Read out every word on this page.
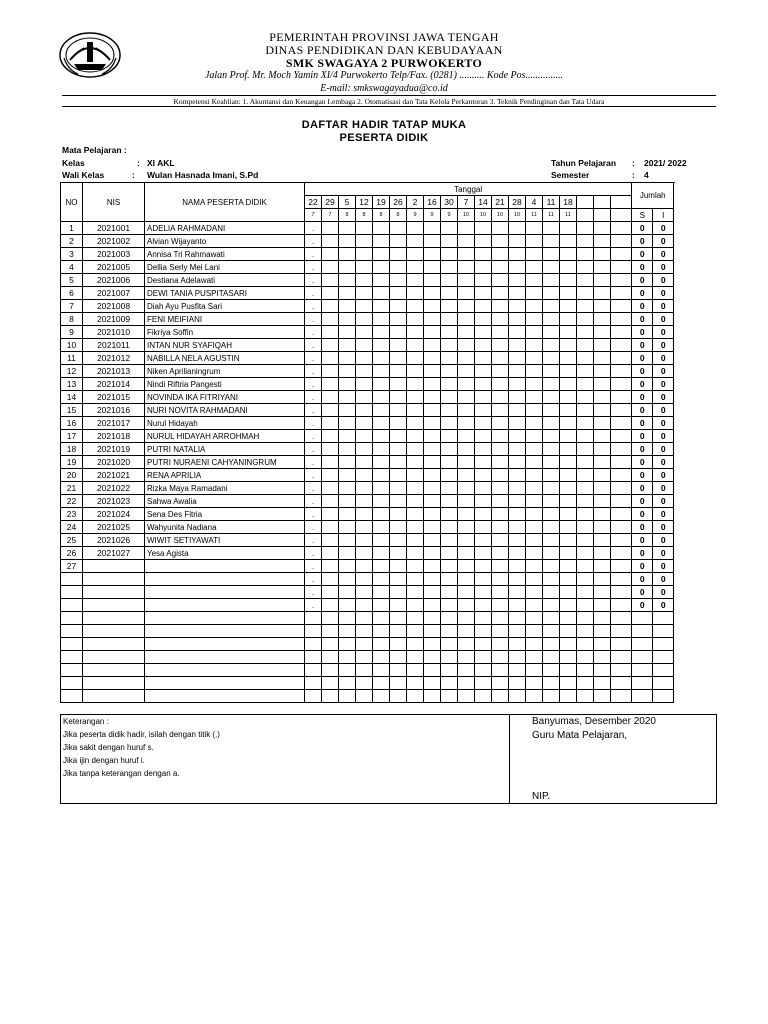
PEMERINTAH PROVINSI JAWA TENGAH
DINAS PENDIDIKAN DAN KEBUDAYAAN
SMK SWAGAYA 2 PURWOKERTO
Jalan Prof. Mr. Moch Yamin XI/4 Purwokerto Telp/Fax. (0281) .......... Kode Pos...............
E-mail: smkswagayadua@co.id
Kompetensi Keahlian: 1. Akuntansi dan Keuangan Lembaga 2. Otomatisasi dan Tata Kelola Perkantoran 3. Teknik Pendinginan dan Tata Udara
DAFTAR HADIR TATAP MUKA
PESERTA DIDIK
Mata Pelajaran :
Kelas	: XI AKL
Wali Kelas	: Wulan Hasnada Imani, S.Pd
Tahun Pelajaran : 2021/ 2022
Semester	: 4
NO	NIS	NAMA PESERTA DIDIK	Tanggal																			Jumlah		
			22	29	5	12	19	26	2	16	30	7	14	21	28	4	11	18						
			7	7	8	8	8	8	9	9	9	10	10	10	10	11	11	11				S	I	
1	2021001	ADELIA RAHMADANI	.																			0	0	
2	2021002	Alvian Wijayanto	.																			0	0	
3	2021003	Annisa Tri Rahmawati	.																			0	0	
4	2021005	Dellia Serly Mei Lani	.																			0	0	
5	2021006	Destiana Adelawati	.																			0	0	
6	2021007	DEWI TANIA PUSPITASARI	.																			0	0	
7	2021008	Diah Ayu Pusfita Sari	.																			0	0	
8	2021009	FENI MEIFIANI	.																			0	0	
9	2021010	Fikriya Soffin	.																			0	0	
10	2021011	INTAN NUR SYAFIQAH	.																			0	0	
11	2021012	NABILLA NELA AGUSTIN	.																			0	0	
12	2021013	Niken Aprilianingrum	.																			0	0	
13	2021014	Nindi Riftria Pangesti	.																			0	0	
14	2021015	NOVINDA IKA FITRIYANI	.																			0	0	
15	2021016	NURI NOVITA RAHMADANI	.																			0	0	
16	2021017	Nurul Hidayah	.																			0	0	
17	2021018	NURUL HIDAYAH ARROHMAH	.																			0	0	
18	2021019	PUTRI NATALIA	.																			0	0	
19	2021020	PUTRI NURAENI CAHYANINGRUM	.																			0	0	
20	2021021	RENA APRILIA	.																			0	0	
21	2021022	Rizka Maya Ramadani	.																			0	0	
22	2021023	Sahwa Awalia	.																			0	0	
23	2021024	Sena Des Fitria	.																			0	0	
24	2021025	Wahyunita Nadiana	.																			0	0	
25	2021026	WIWIT SETIYAWATI	.																			0	0	
26	2021027	Yesa Agista	.																			0	0	
27			.																			0	0	
			.																			0	0	
			.																			0	0	
			.																			0	0	

Keterangan :
Jika peserta didik hadir, isilah dengan titik (.)
Jika sakit dengan huruf s.
Jika ijin dengan huruf i.
Jika tanpa keterangan dengan a.
Banyumas, Desember 2020
Guru Mata Pelajaran,
NIP.
